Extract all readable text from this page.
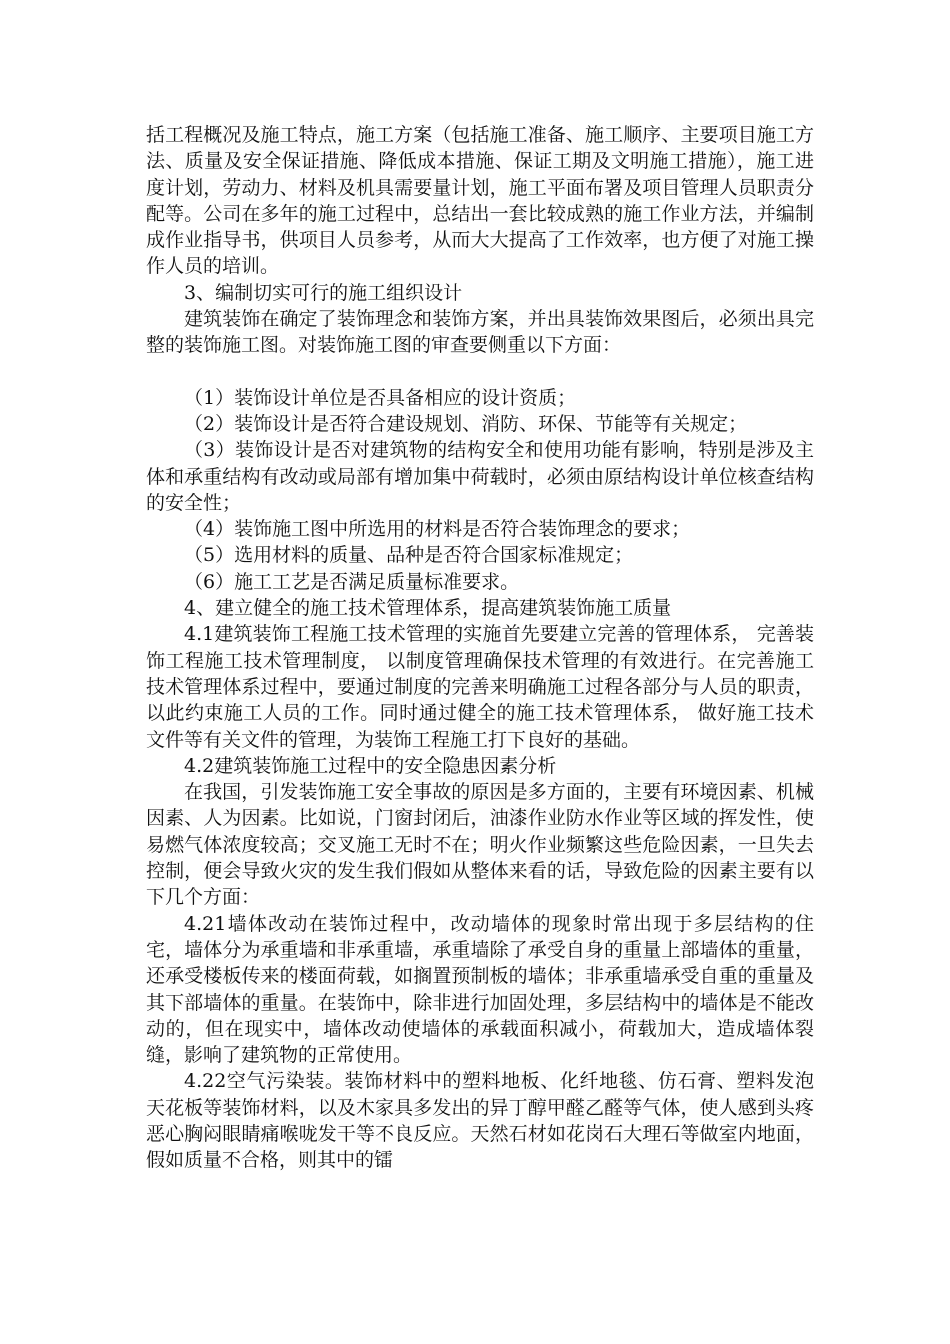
括工程概况及施工特点，施工方案（包括施工准备、施工顺序、主要项目施工方法、质量及安全保证措施、降低成本措施、保证工期及文明施工措施），施工进度计划，劳动力、材料及机具需要量计划，施工平面布署及项目管理人员职责分配等。公司在多年的施工过程中，总结出一套比较成熟的施工作业方法，并编制成作业指导书，供项目人员参考，从而大大提高了工作效率，也方便了对施工操作人员的培训。

3、编制切实可行的施工组织设计

建筑装饰在确定了装饰理念和装饰方案，并出具装饰效果图后，必须出具完整的装饰施工图。对装饰施工图的审查要侧重以下方面：

（1）装饰设计单位是否具备相应的设计资质；

（2）装饰设计是否符合建设规划、消防、环保、节能等有关规定；

（3）装饰设计是否对建筑物的结构安全和使用功能有影响，特别是涉及主体和承重结构有改动或局部有增加集中荷载时，必须由原结构设计单位核查结构的安全性；

（4）装饰施工图中所选用的材料是否符合装饰理念的要求；

（5）选用材料的质量、品种是否符合国家标准规定；

（6）施工工艺是否满足质量标准要求。

4、建立健全的施工技术管理体系，提高建筑装饰施工质量

4.1建筑装饰工程施工技术管理的实施首先要建立完善的管理体系， 完善装饰工程施工技术管理制度， 以制度管理确保技术管理的有效进行。在完善施工技术管理体系过程中，要通过制度的完善来明确施工过程各部分与人员的职责，以此约束施工人员的工作。同时通过健全的施工技术管理体系， 做好施工技术文件等有关文件的管理，为装饰工程施工打下良好的基础。

4.2建筑装饰施工过程中的安全隐患因素分析

在我国，引发装饰施工安全事故的原因是多方面的，主要有环境因素、机械因素、人为因素。比如说，门窗封闭后，油漆作业防水作业等区域的挥发性，使易燃气体浓度较高；交叉施工无时不在；明火作业频繁这些危险因素，一旦失去控制，便会导致火灾的发生我们假如从整体来看的话，导致危险的因素主要有以下几个方面：

4.21墙体改动在装饰过程中，改动墙体的现象时常出现于多层结构的住宅，墙体分为承重墙和非承重墙，承重墙除了承受自身的重量上部墙体的重量，还承受楼板传来的楼面荷载，如搁置预制板的墙体；非承重墙承受自重的重量及其下部墙体的重量。在装饰中，除非进行加固处理，多层结构中的墙体是不能改动的，但在现实中，墙体改动使墙体的承载面积减小，荷载加大，造成墙体裂缝，影响了建筑物的正常使用。

4.22空气污染装。装饰材料中的塑料地板、化纤地毯、仿石膏、塑料发泡天花板等装饰材料，以及木家具多发出的异丁醇甲醛乙醛等气体，使人感到头疼恶心胸闷眼睛痛喉咙发干等不良反应。天然石材如花岗石大理石等做室内地面，假如质量不合格，则其中的镭
